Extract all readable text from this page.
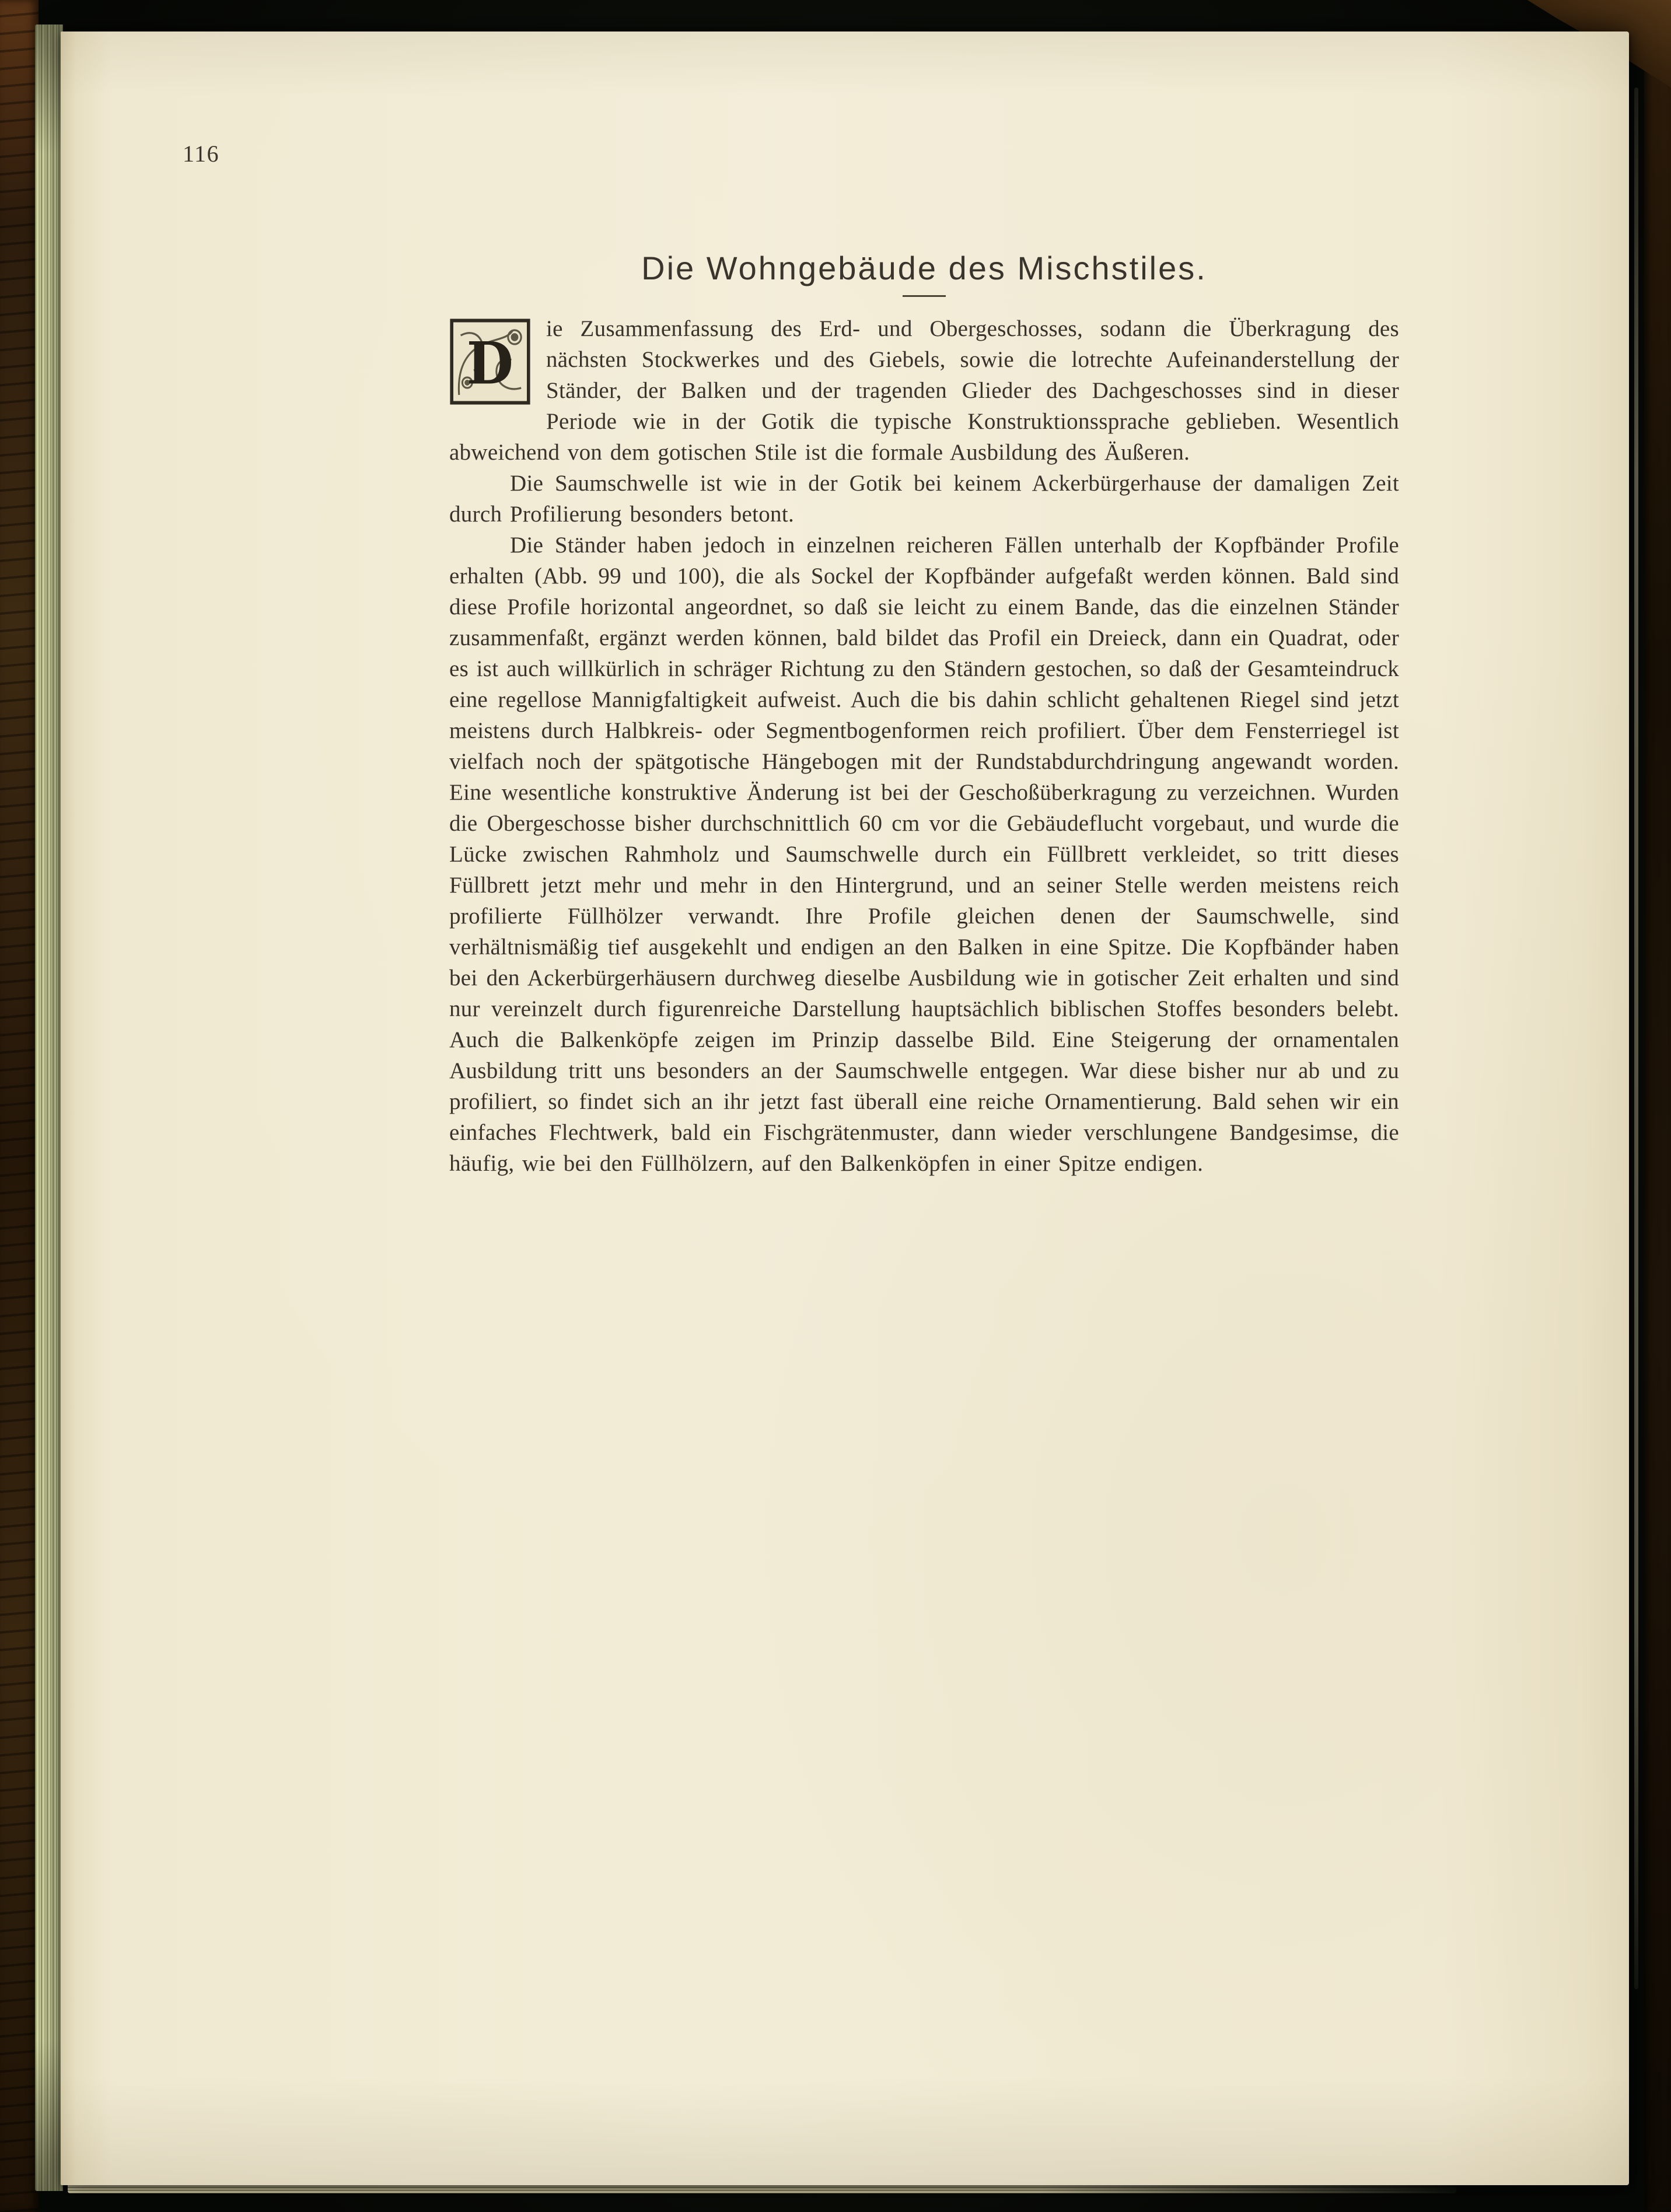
116
Die Wohngebäude des Mischstiles.

D
ie Zusammenfassung des Erd- und Obergeschosses, sodann die Überkragung des nächsten Stockwerkes und des Giebels, sowie die lotrechte Aufeinanderstellung der Ständer, der Balken und der tragenden Glieder des Dachgeschosses sind in dieser Periode wie in der Gotik die typische Konstruktionssprache geblieben. Wesentlich abweichend von dem gotischen Stile ist die formale Ausbildung des Äußeren.

Die Saumschwelle ist wie in der Gotik bei keinem Ackerbürgerhause der damaligen Zeit durch Profilierung besonders betont.

Die Ständer haben jedoch in einzelnen reicheren Fällen unterhalb der Kopfbänder Profile erhalten (Abb. 99 und 100), die als Sockel der Kopfbänder aufgefaßt werden können. Bald sind diese Profile horizontal angeordnet, so daß sie leicht zu einem Bande, das die einzelnen Ständer zusammenfaßt, ergänzt werden können, bald bildet das Profil ein Dreieck, dann ein Quadrat, oder es ist auch willkürlich in schräger Richtung zu den Ständern gestochen, so daß der Gesamteindruck eine regellose Mannigfaltigkeit aufweist. Auch die bis dahin schlicht gehaltenen Riegel sind jetzt meistens durch Halbkreis- oder Segmentbogenformen reich profiliert. Über dem Fensterriegel ist vielfach noch der spätgotische Hängebogen mit der Rundstabdurchdringung angewandt worden. Eine wesentliche konstruktive Änderung ist bei der Geschoßüberkragung zu verzeichnen. Wurden die Obergeschosse bisher durchschnittlich 60 cm vor die Gebäudeflucht vorgebaut, und wurde die Lücke zwischen Rahmholz und Saumschwelle durch ein Füllbrett verkleidet, so tritt dieses Füllbrett jetzt mehr und mehr in den Hintergrund, und an seiner Stelle werden meistens reich profilierte Füllhölzer verwandt. Ihre Profile gleichen denen der Saumschwelle, sind verhältnismäßig tief ausgekehlt und endigen an den Balken in eine Spitze. Die Kopfbänder haben bei den Ackerbürgerhäusern durchweg dieselbe Ausbildung wie in gotischer Zeit erhalten und sind nur vereinzelt durch figurenreiche Darstellung hauptsächlich biblischen Stoffes besonders belebt. Auch die Balkenköpfe zeigen im Prinzip dasselbe Bild. Eine Steigerung der ornamentalen Ausbildung tritt uns besonders an der Saumschwelle entgegen. War diese bisher nur ab und zu profiliert, so findet sich an ihr jetzt fast überall eine reiche Ornamentierung. Bald sehen wir ein einfaches Flechtwerk, bald ein Fischgrätenmuster, dann wieder verschlungene Bandgesimse, die häufig, wie bei den Füllhölzern, auf den Balkenköpfen in einer Spitze endigen.
